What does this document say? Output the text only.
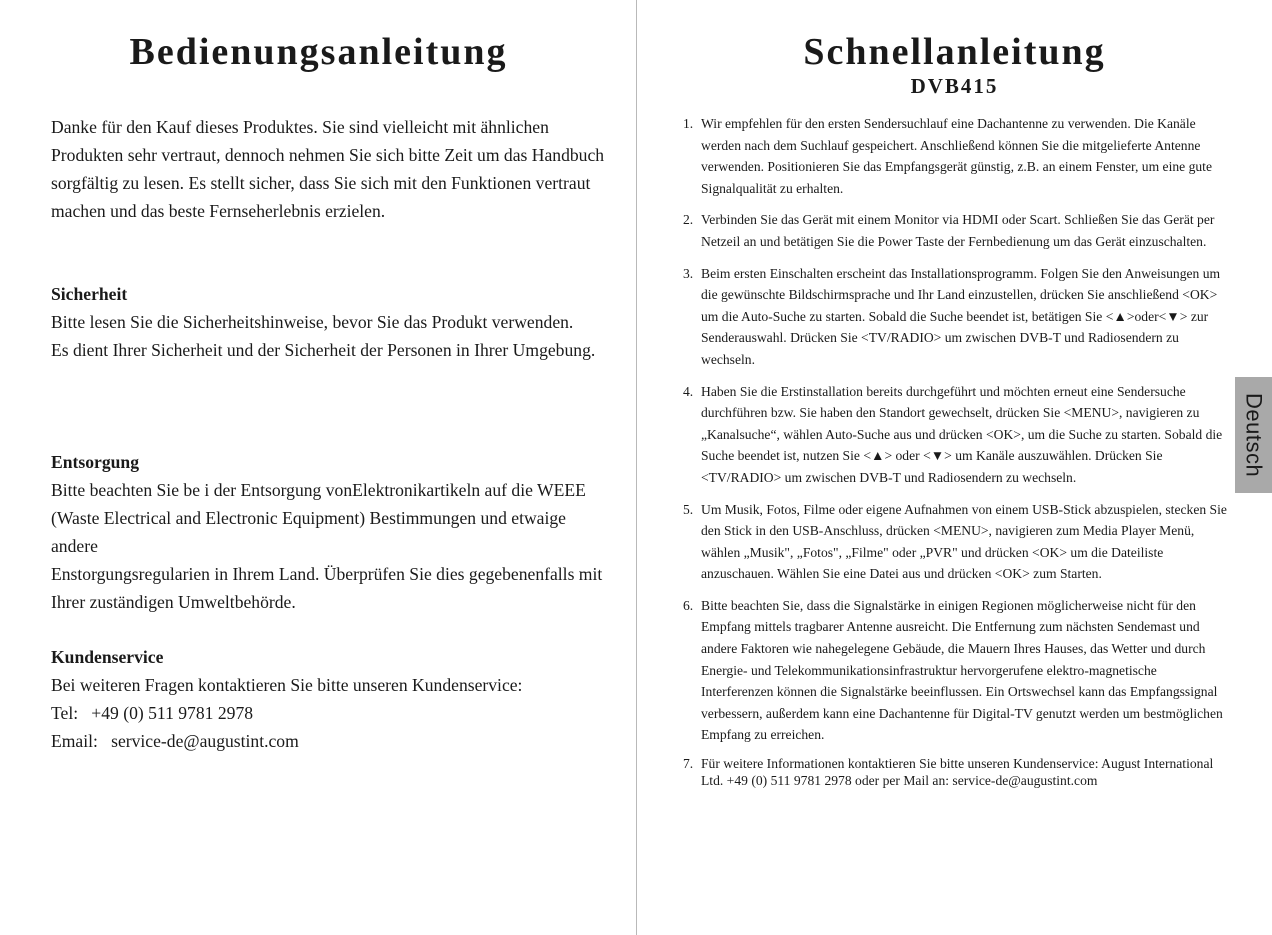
Bedienungsanleitung

Danke für den Kauf dieses Produktes. Sie sind vielleicht mit ähnlichen Produkten sehr vertraut, dennoch nehmen Sie sich bitte Zeit um das Handbuch sorgfältig zu lesen. Es stellt sicher, dass Sie sich mit den Funktionen vertraut machen und das beste Fernseherlebnis erzielen.

Sicherheit

Bitte lesen Sie die Sicherheitshinweise, bevor Sie das Produkt verwenden.

Es dient Ihrer Sicherheit und der Sicherheit der Personen in Ihrer Umgebung.

Entsorgung

Bitte beachten Sie be i der Entsorgung vonElektronikartikeln auf die WEEE (Waste Electrical and Electronic Equipment) Bestimmungen und etwaige andere

Enstorgungsregularien in Ihrem Land. Überprüfen Sie dies gegebenenfalls mit Ihrer zuständigen Umweltbehörde.

Kundenservice

Bei weiteren Fragen kontaktieren Sie bitte unseren Kundenservice:

Tel:   +49 (0) 511 9781 2978

Email:   service-de@augustint.com

Schnellanleitung
DVB415
1. Wir empfehlen für den ersten Sendersuchlauf eine Dachantenne zu verwenden. Die Kanäle werden nach dem Suchlauf gespeichert. Anschließend können Sie die mitgelieferte Antenne verwenden. Positionieren Sie das Empfangsgerät günstig, z.B. an einem Fenster, um eine gute Signalqualität zu erhalten.
2. Verbinden Sie das Gerät mit einem Monitor via HDMI oder Scart. Schließen Sie das Gerät per Netzeil an und betätigen Sie die Power Taste der Fernbedienung um das Gerät einzuschalten.
3. Beim ersten Einschalten erscheint das Installationsprogramm. Folgen Sie den Anweisungen um die gewünschte Bildschirmsprache und Ihr Land einzustellen, drücken Sie anschließend <OK> um die Auto-Suche zu starten. Sobald die Suche beendet ist, betätigen Sie <▲>oder<▼> zur Senderauswahl. Drücken Sie <TV/RADIO> um zwischen DVB-T und Radiosendern zu wechseln.
4. Haben Sie die Erstinstallation bereits durchgeführt und möchten erneut eine Sendersuche durchführen bzw. Sie haben den Standort gewechselt, drücken Sie <MENU>, navigieren zu „Kanalsuche“, wählen Auto-Suche aus und drücken <OK>, um die Suche zu starten. Sobald die Suche beendet ist, nutzen Sie <▲> oder <▼> um Kanäle auszuwählen. Drücken Sie <TV/RADIO> um zwischen DVB-T und Radiosendern zu wechseln.
5. Um Musik, Fotos, Filme oder eigene Aufnahmen von einem USB-Stick abzuspielen, stecken Sie den Stick in den USB-Anschluss, drücken <MENU>, navigieren zum Media Player Menü, wählen „Musik", „Fotos", „Filme" oder „PVR" und drücken <OK> um die Dateiliste anzuschauen. Wählen Sie eine Datei aus und drücken <OK> zum Starten.
6. Bitte beachten Sie, dass die Signalstärke in einigen Regionen möglicherweise nicht für den Empfang mittels tragbarer Antenne ausreicht. Die Entfernung zum nächsten Sendemast und andere Faktoren wie nahegelegene Gebäude, die Mauern Ihres Hauses, das Wetter und durch Energie- und Telekommunikationsinfrastruktur hervorgerufene elektro-magnetische Interferenzen können die Signalstärke beeinflussen. Ein Ortswechsel kann das Empfangssignal verbessern, außerdem kann eine Dachantenne für Digital-TV genutzt werden um bestmöglichen Empfang zu erreichen.
7. Für weitere Informationen kontaktieren Sie bitte unseren Kundenservice: August International Ltd. +49 (0) 511 9781 2978 oder per Mail an: service-de@augustint.com
Deutsch
